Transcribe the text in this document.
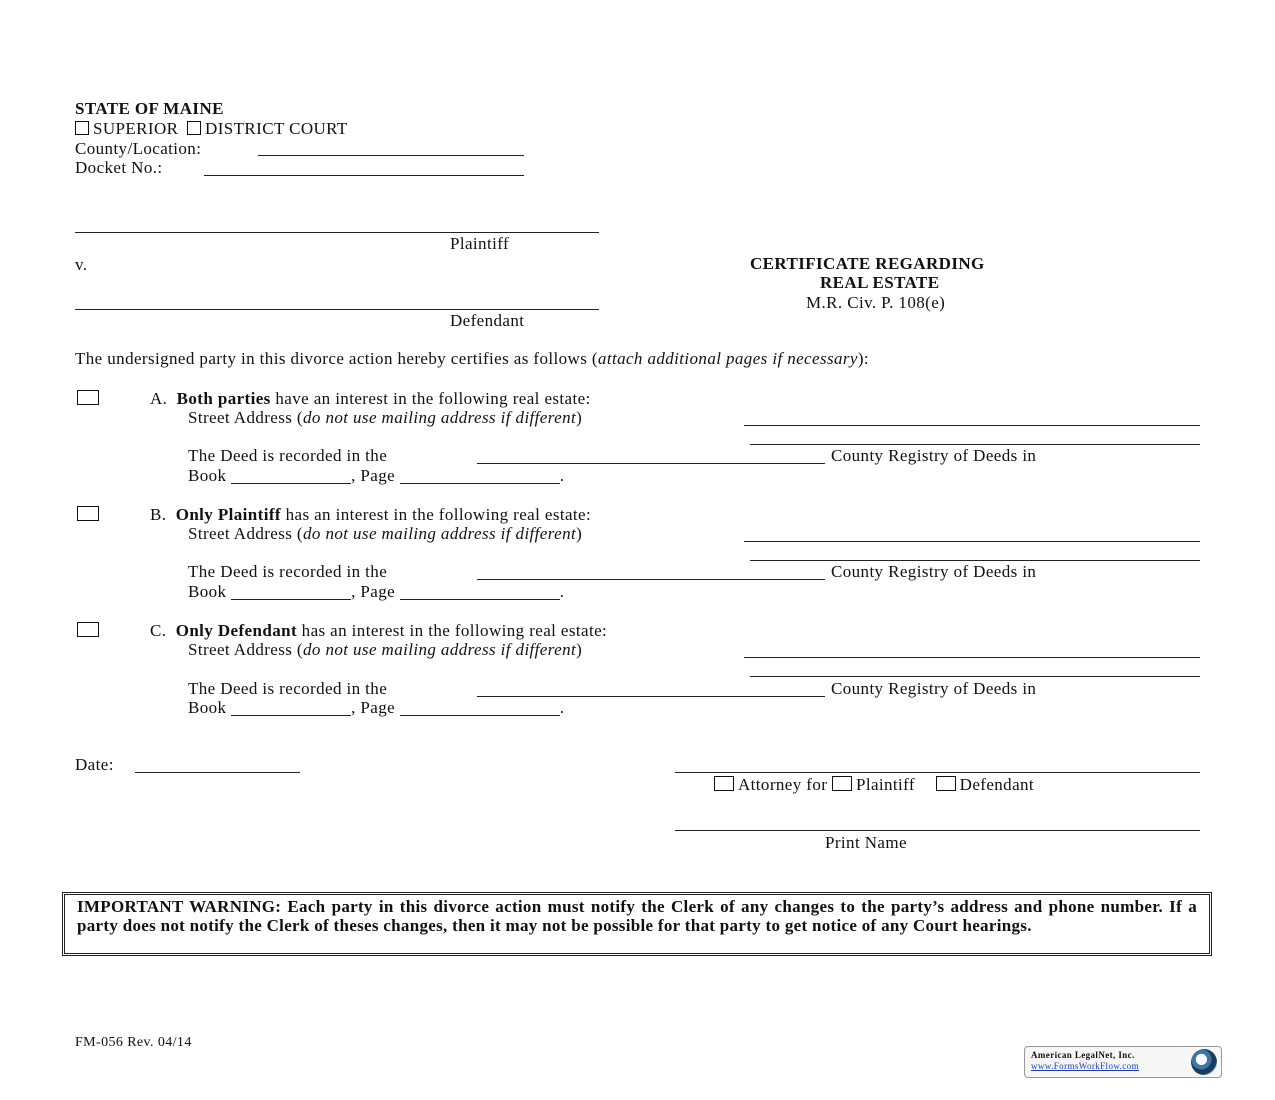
STATE OF MAINE
SUPERIOR DISTRICT COURT
County/Location:
Docket No.:
Plaintiff
v.
Defendant
CERTIFICATE REGARDING
REAL ESTATE
M.R. Civ. P. 108(e)
The undersigned party in this divorce action hereby certifies as follows (attach additional pages if necessary):
A. Both parties have an interest in the following real estate:
Street Address (do not use mailing address if different)
The Deed is recorded in the	County Registry of Deeds in
Book	, Page	.
B. Only Plaintiff has an interest in the following real estate:
Street Address (do not use mailing address if different)
The Deed is recorded in the	County Registry of Deeds in
Book	, Page	.
C. Only Defendant has an interest in the following real estate:
Street Address (do not use mailing address if different)
The Deed is recorded in the	County Registry of Deeds in
Book	, Page	.
Date:
Attorney for Plaintiff	Defendant
Print Name
IMPORTANT WARNING: Each party in this divorce action must notify the Clerk of any changes to the party’s address and phone number. If a party does not notify the Clerk of theses changes, then it may not be possible for that party to get notice of any Court hearings.
FM-056 Rev. 04/14
American LegalNet, Inc.
www.FormsWorkFlow.com
